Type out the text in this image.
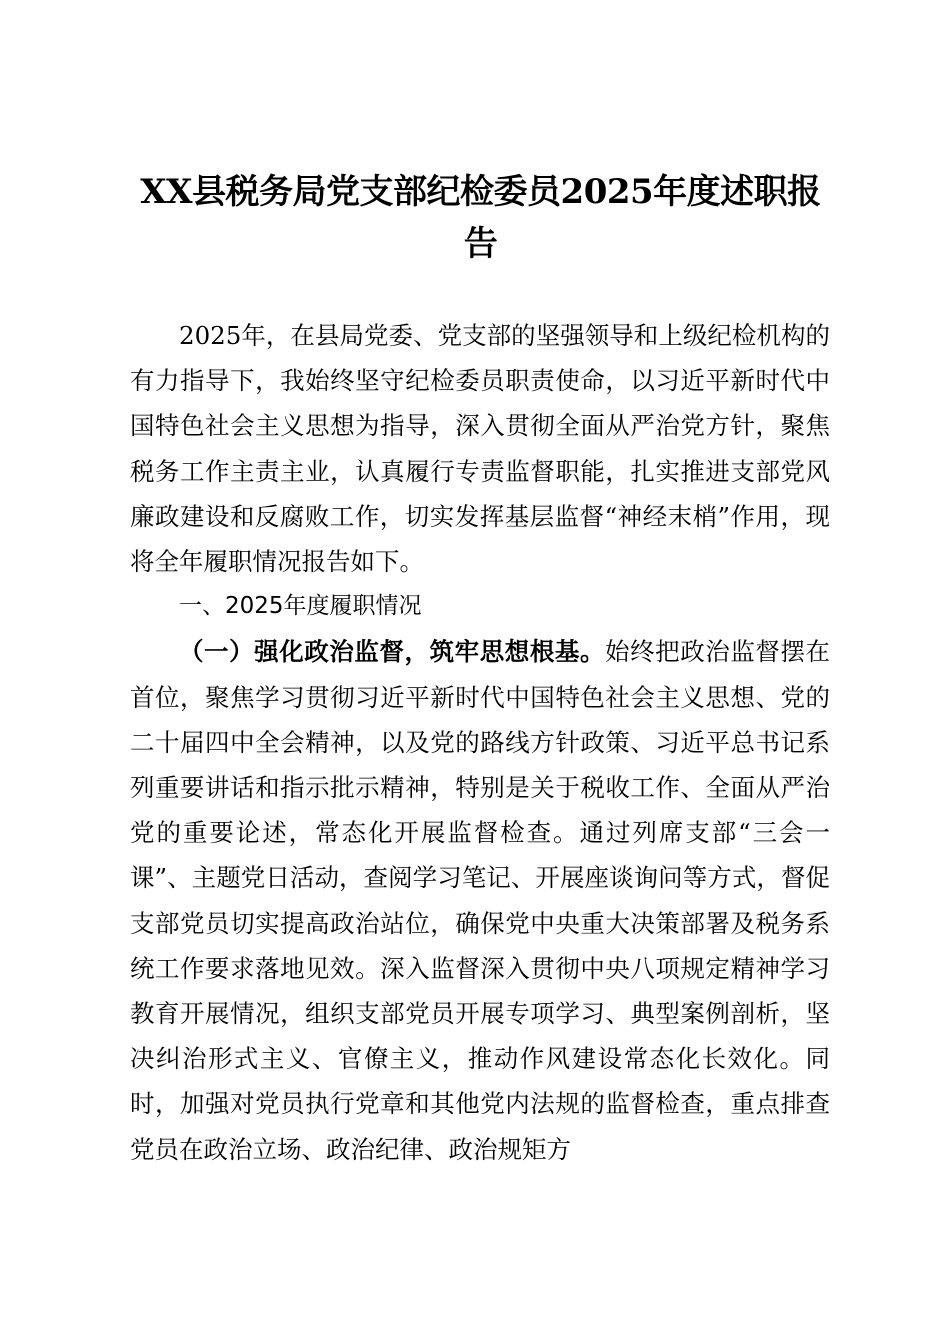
XX县税务局党支部纪检委员2025年度述职报告

2025年，在县局党委、党支部的坚强领导和上级纪检机构的有力指导下，我始终坚守纪检委员职责使命，以习近平新时代中国特色社会主义思想为指导，深入贯彻全面从严治党方针，聚焦税务工作主责主业，认真履行专责监督职能，扎实推进支部党风廉政建设和反腐败工作，切实发挥基层监督“神经末梢”作用，现将全年履职情况报告如下。

一、2025年度履职情况

（一）强化政治监督，筑牢思想根基。始终把政治监督摆在首位，聚焦学习贯彻习近平新时代中国特色社会主义思想、党的二十届四中全会精神，以及党的路线方针政策、习近平总书记系列重要讲话和指示批示精神，特别是关于税收工作、全面从严治党的重要论述，常态化开展监督检查。通过列席支部“三会一课”、主题党日活动，查阅学习笔记、开展座谈询问等方式，督促支部党员切实提高政治站位，确保党中央重大决策部署及税务系统工作要求落地见效。深入监督深入贯彻中央八项规定精神学习教育开展情况，组织支部党员开展专项学习、典型案例剖析，坚决纠治形式主义、官僚主义，推动作风建设常态化长效化。同时，加强对党员执行党章和其他党内法规的监督检查，重点排查党员在政治立场、政治纪律、政治规矩方
